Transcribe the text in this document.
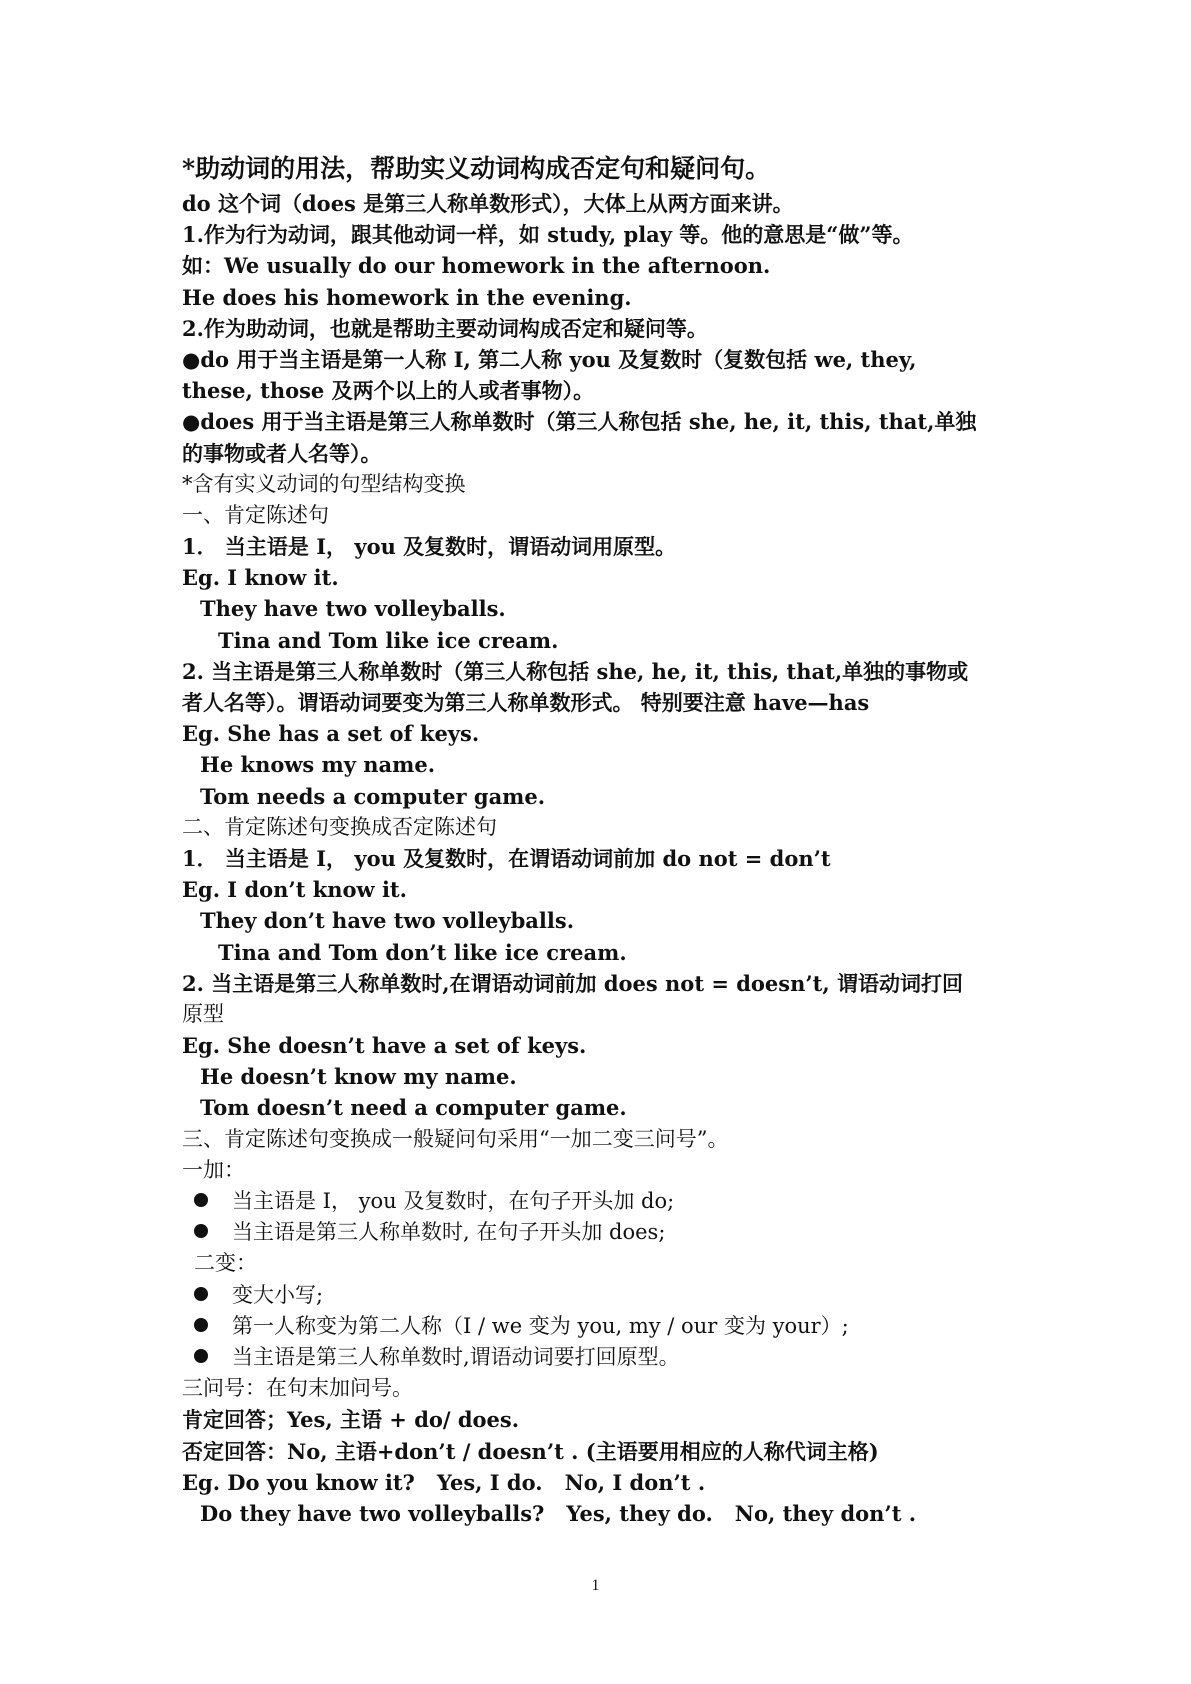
*助动词的用法，帮助实义动词构成否定句和疑问句。
do 这个词（does 是第三人称单数形式），大体上从两方面来讲。
1.作为行为动词，跟其他动词一样，如 study, play 等。他的意思是“做”等。
如：We usually do our homework in the afternoon.
He does his homework in the evening.
2.作为助动词，也就是帮助主要动词构成否定和疑问等。
●do 用于当主语是第一人称 I, 第二人称 you 及复数时（复数包括 we, they,
these, those 及两个以上的人或者事物）。
●does 用于当主语是第三人称单数时（第三人称包括 she, he, it, this, that,单独
的事物或者人名等）。
*含有实义动词的句型结构变换
一、肯定陈述句
1． 当主语是 I， you 及复数时，谓语动词用原型。
Eg. I know it.
They have two volleyballs.
Tina and Tom like ice cream.
2. 当主语是第三人称单数时（第三人称包括 she, he, it, this, that,单独的事物或
者人名等）。谓语动词要变为第三人称单数形式。 特别要注意 have—has
Eg. She has a set of keys.
He knows my name.
Tom needs a computer game.
二、肯定陈述句变换成否定陈述句
1． 当主语是 I， you 及复数时，在谓语动词前加 do not = don’t
Eg. I don’t know it.
They don’t have two volleyballs.
Tina and Tom don’t like ice cream.
2. 当主语是第三人称单数时,在谓语动词前加 does not = doesn’t, 谓语动词打回
原型
Eg. She doesn’t have a set of keys.
He doesn’t know my name.
Tom doesn’t need a computer game.
三、肯定陈述句变换成一般疑问句采用“一加二变三问号”。
一加：
当主语是 I， you 及复数时，在句子开头加 do;
当主语是第三人称单数时, 在句子开头加 does;
二变：
变大小写;
第一人称变为第二人称（I / we 变为 you, my / our 变为 your）;
当主语是第三人称单数时,谓语动词要打回原型。
三问号：在句末加问号。
肯定回答；Yes, 主语 + do/ does.
否定回答：No, 主语+don’t / doesn’t . (主语要用相应的人称代词主格)
Eg. Do you know it? Yes, I do. No, I don’t .
Do they have two volleyballs? Yes, they do. No, they don’t .
1
